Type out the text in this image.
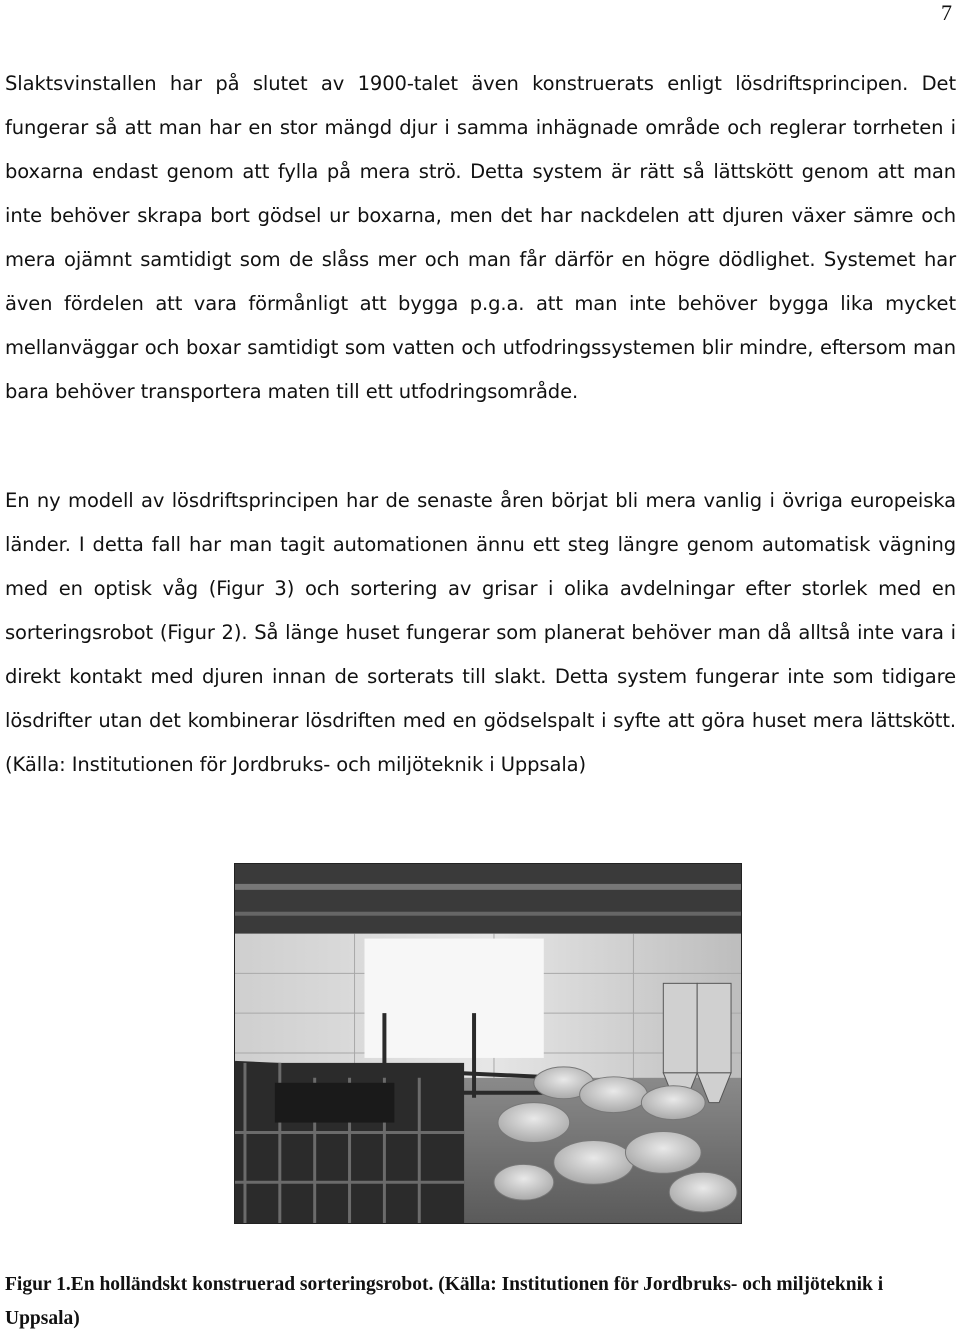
7

Slaktsvinstallen har på slutet av 1900-talet även konstruerats enligt lösdriftsprincipen. Det fungerar så att man har en stor mängd djur i samma inhägnade område och reglerar torrheten i boxarna endast genom att fylla på mera strö. Detta system är rätt så lättskött genom att man inte behöver skrapa bort gödsel ur boxarna, men det har nackdelen att djuren växer sämre och mera ojämnt samtidigt som de slåss mer och man får därför en högre dödlighet. Systemet har även fördelen att vara förmånligt att bygga p.g.a. att man inte behöver bygga lika mycket mellanväggar och boxar samtidigt som vatten och utfodringssystemen blir mindre, eftersom man bara behöver transportera maten till ett utfodringsområde.

En ny modell av lösdriftsprincipen har de senaste åren börjat bli mera vanlig i övriga europeiska länder. I detta fall har man tagit automationen ännu ett steg längre genom automatisk vägning med en optisk våg (Figur 3) och sortering av grisar i olika avdelningar efter storlek med en sorteringsrobot (Figur 2). Så länge huset fungerar som planerat behöver man då alltså inte vara i direkt kontakt med djuren innan de sorterats till slakt. Detta system fungerar inte som tidigare lösdrifter utan det kombinerar lösdriften med en gödselspalt i syfte att göra huset mera lättskött. (Källa: Institutionen för Jordbruks- och miljöteknik i Uppsala)

Figur 1.En holländskt konstruerad sorteringsrobot. (Källa: Institutionen för Jordbruks- och miljöteknik i Uppsala)
